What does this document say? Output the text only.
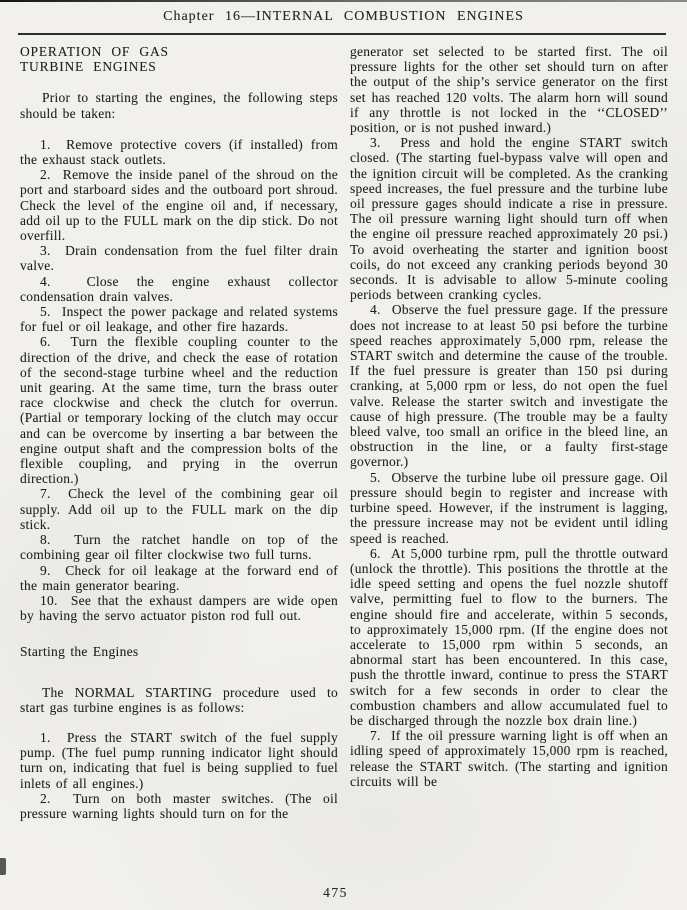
Chapter 16—INTERNAL COMBUSTION ENGINES
OPERATION OF GAS
TURBINE ENGINES

Prior to starting the engines, the following steps should be taken:

1.  Remove protective covers (if installed) from the exhaust stack outlets.

2.  Remove the inside panel of the shroud on the port and starboard sides and the outboard port shroud. Check the level of the engine oil and, if necessary, add oil up to the FULL mark on the dip stick. Do not overfill.

3.  Drain condensation from the fuel filter drain valve.

4.  Close the engine exhaust collector condensation drain valves.

5.  Inspect the power package and related systems for fuel or oil leakage, and other fire hazards.

6.  Turn the flexible coupling counter to the direction of the drive, and check the ease of rotation of the second-stage turbine wheel and the reduction unit gearing. At the same time, turn the brass outer race clockwise and check the clutch for overrun. (Partial or temporary locking of the clutch may occur and can be overcome by inserting a bar between the engine output shaft and the compression bolts of the flexible coupling, and prying in the overrun direction.)

7.  Check the level of the combining gear oil supply. Add oil up to the FULL mark on the dip stick.

8.  Turn the ratchet handle on top of the combining gear oil filter clockwise two full turns.

9.  Check for oil leakage at the forward end of the main generator bearing.

10.  See that the exhaust dampers are wide open by having the servo actuator piston rod full out.

Starting the Engines

The NORMAL STARTING procedure used to start gas turbine engines is as follows:

1.  Press the START switch of the fuel supply pump. (The fuel pump running indicator light should turn on, indicating that fuel is being supplied to fuel inlets of all engines.)

2.  Turn on both master switches. (The oil pressure warning lights should turn on for the

generator set selected to be started first. The oil pressure lights for the other set should turn on after the output of the ship’s service generator on the first set has reached 120 volts. The alarm horn will sound if any throttle is not locked in the ‘‘CLOSED’’ position, or is not pushed inward.)

3.  Press and hold the engine START switch closed. (The starting fuel-bypass valve will open and the ignition circuit will be completed. As the cranking speed increases, the fuel pressure and the turbine lube oil pressure gages should indicate a rise in pressure. The oil pressure warning light should turn off when the engine oil pressure reached approximately 20 psi.) To avoid overheating the starter and ignition boost coils, do not exceed any cranking periods beyond 30 seconds. It is advisable to allow 5-minute cooling periods between cranking cycles.

4.  Observe the fuel pressure gage. If the pressure does not increase to at least 50 psi before the turbine speed reaches approximately 5,000 rpm, release the START switch and determine the cause of the trouble. If the fuel pressure is greater than 150 psi during cranking, at 5,000 rpm or less, do not open the fuel valve. Release the starter switch and investigate the cause of high pressure. (The trouble may be a faulty bleed valve, too small an orifice in the bleed line, an obstruction in the line, or a faulty first-stage governor.)

5.  Observe the turbine lube oil pressure gage. Oil pressure should begin to register and increase with turbine speed. However, if the instrument is lagging, the pressure increase may not be evident until idling speed is reached.

6.  At 5,000 turbine rpm, pull the throttle outward (unlock the throttle). This positions the throttle at the idle speed setting and opens the fuel nozzle shutoff valve, permitting fuel to flow to the burners. The engine should fire and accelerate, within 5 seconds, to approximately 15,000 rpm. (If the engine does not accelerate to 15,000 rpm within 5 seconds, an abnormal start has been encountered. In this case, push the throttle inward, continue to press the START switch for a few seconds in order to clear the combustion chambers and allow accumulated fuel to be discharged through the nozzle box drain line.)

7.  If the oil pressure warning light is off when an idling speed of approximately 15,000 rpm is reached, release the START switch. (The starting and ignition circuits will be

475
